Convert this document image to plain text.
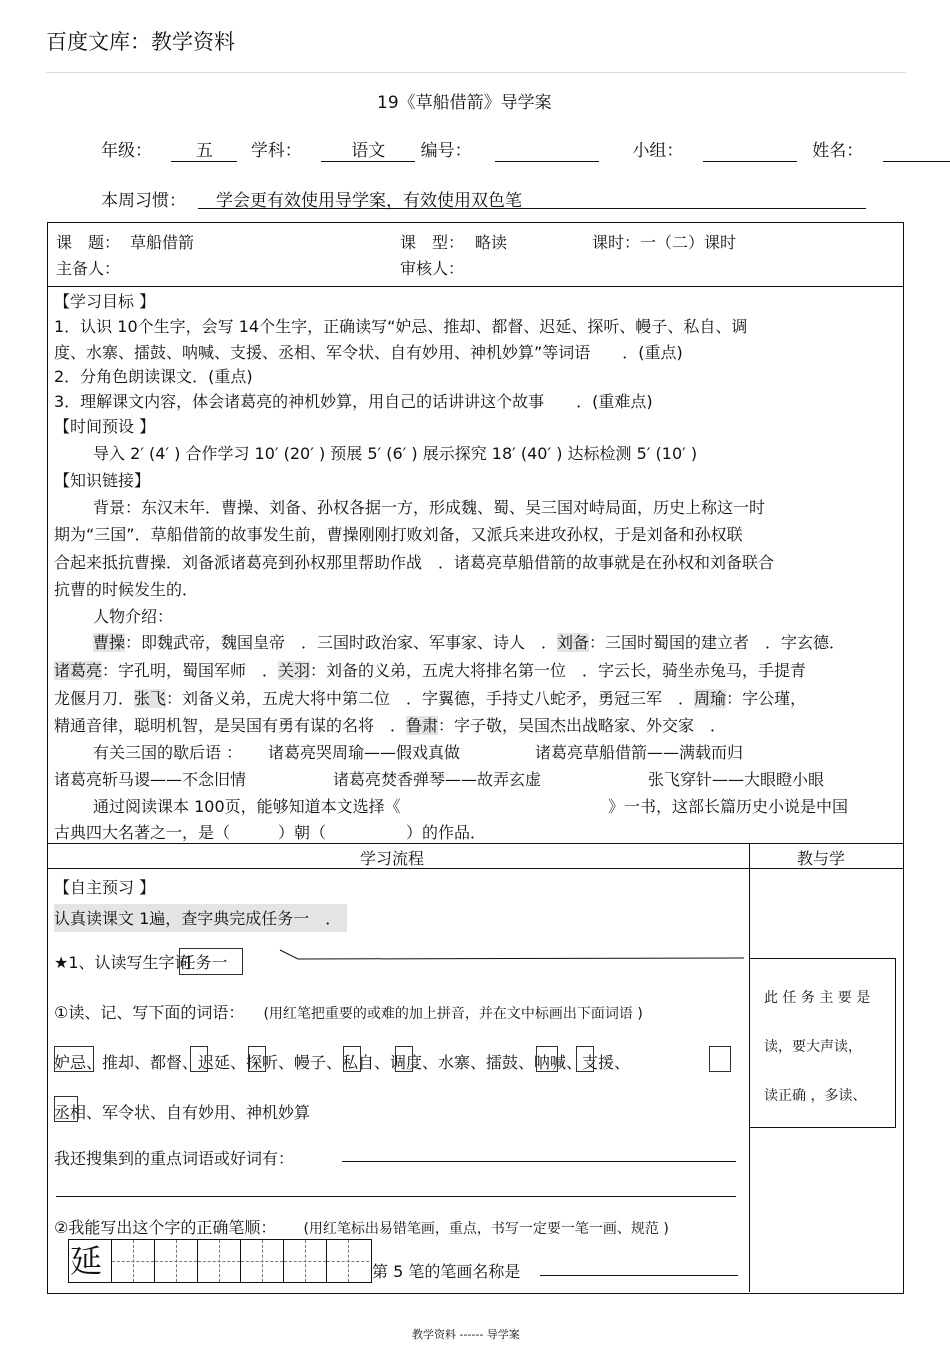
百度文库：教学资料
19《草船借箭》导学案
年级：	五 学科：	语文 编号：	小组：	姓名：
本周习惯： 学会更有效使用导学案，有效使用双色笔
课　题： 草船借箭	课　型： 略读	课时：一（二）课时
主备人：	审核人：
【学习目标 】
1．认识 10个生字，会写 14个生字，正确读写“妒忌、推却、都督、迟延、探听、幔子、私自、调
度、水寨、擂鼓、呐喊、支援、丞相、军令状、自有妙用、神机妙算”等词语　　．(重点)
2．分角色朗读课文．(重点)
3．理解课文内容，体会诸葛亮的神机妙算，用自己的话讲讲这个故事　　．(重难点)
【时间预设 】
导入 2′ (4′ ) 合作学习 10′ (20′ ) 预展 5′ (6′ ) 展示探究 18′ (40′ ) 达标检测 5′ (10′ )
【知识链接】
背景：东汉末年．曹操、刘备、孙权各据一方，形成魏、蜀、吴三国对峙局面，历史上称这一时
期为“三国”．草船借箭的故事发生前，曹操刚刚打败刘备，又派兵来进攻孙权，于是刘备和孙权联
合起来抵抗曹操．刘备派诸葛亮到孙权那里帮助作战　．诸葛亮草船借箭的故事就是在孙权和刘备联合
抗曹的时候发生的．
人物介绍：
曹操：即魏武帝，魏国皇帝　．三国时政治家、军事家、诗人　．刘备：三国时蜀国的建立者　．字玄德．
诸葛亮：字孔明，蜀国军师　．关羽：刘备的义弟，五虎大将排名第一位　．字云长，骑坐赤兔马，手提青
龙偃月刀．张飞：刘备义弟，五虎大将中第二位　．字翼德，手持丈八蛇矛，勇冠三军　．周瑜：字公瑾，
精通音律，聪明机智，是吴国有勇有谋的名将　．鲁肃：字子敬，吴国杰出战略家、外交家　．
有关三国的歇后语 ： 诸葛亮哭周瑜——假戏真做	诸葛亮草船借箭——满载而归
诸葛亮斩马谡——不念旧情	诸葛亮焚香弹琴——故弄玄虚	张飞穿针——大眼瞪小眼
通过阅读课本 100页，能够知道本文选择《	》一书，这部长篇历史小说是中国
古典四大名著之一，是（　　　）朝（　　　　　）的作品．
学习流程	教与学
【自主预习 】
认真读课文 1遍，查字典完成任务一　．
★1、认读写生字词任务一
①读、记、写下面的词语： (用红笔把重要的或难的加上拼音，并在文中标画出下面词语 )
妒忌、推却、都督、迟延、探听、幔子、私自、调度、水寨、擂鼓、呐喊、支援、
丞相、军令状、自有妙用、神机妙算
我还搜集到的重点词语或好词有：
②我能写出这个字的正确笔顺： (用红笔标出易错笔画，重点，书写一定要一笔一画、规范 )
延	第 5 笔的笔画名称是
此 任 务 主 要 是
读，要大声读，
读正确 ，多读、
教学资料 ------ 导学案
